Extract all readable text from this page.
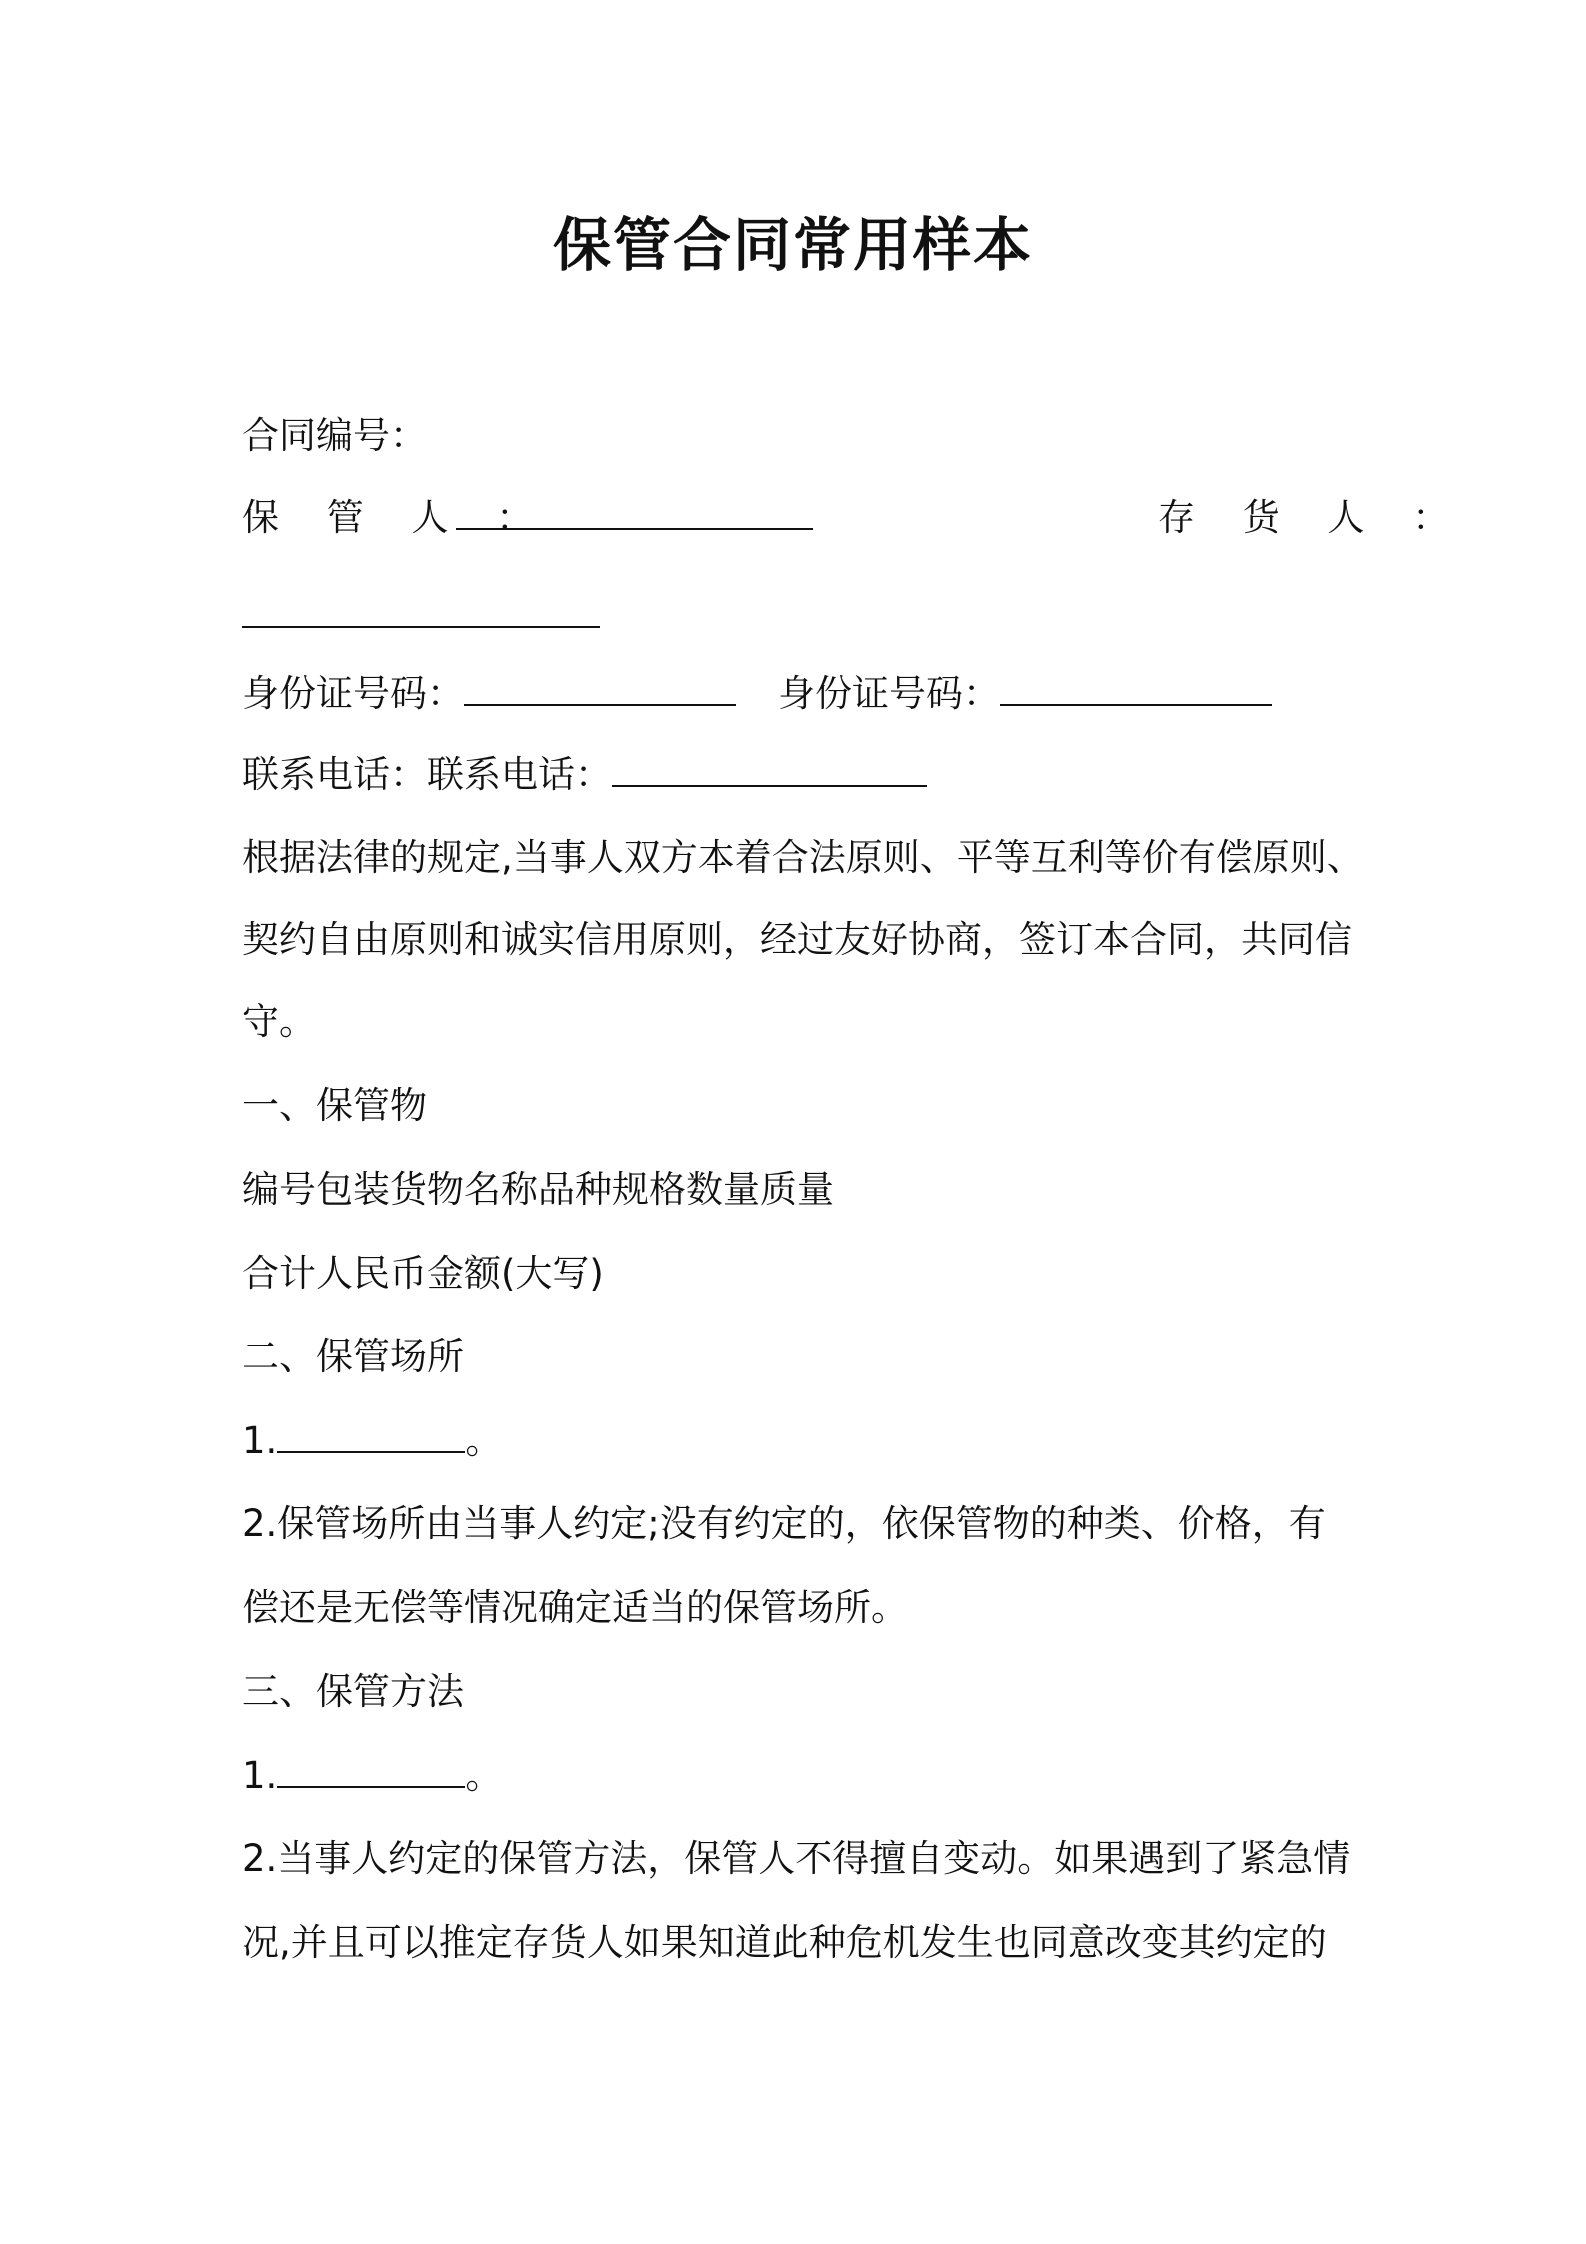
保管合同常用样本
合同编号：
保 管 人 ：	存 货 人 ：
身份证号码：	身份证号码：
联系电话：联系电话：
根据法律的规定,当事人双方本着合法原则、平等互利等价有偿原则、
契约自由原则和诚实信用原则，经过友好协商，签订本合同，共同信
守。
一、保管物
编号包装货物名称品种规格数量质量
合计人民币金额(大写)
二、保管场所
1.	。
2.保管场所由当事人约定;没有约定的，依保管物的种类、价格，有
偿还是无偿等情况确定适当的保管场所。
三、保管方法
1.	。
2.当事人约定的保管方法，保管人不得擅自变动。如果遇到了紧急情
况,并且可以推定存货人如果知道此种危机发生也同意改变其约定的
